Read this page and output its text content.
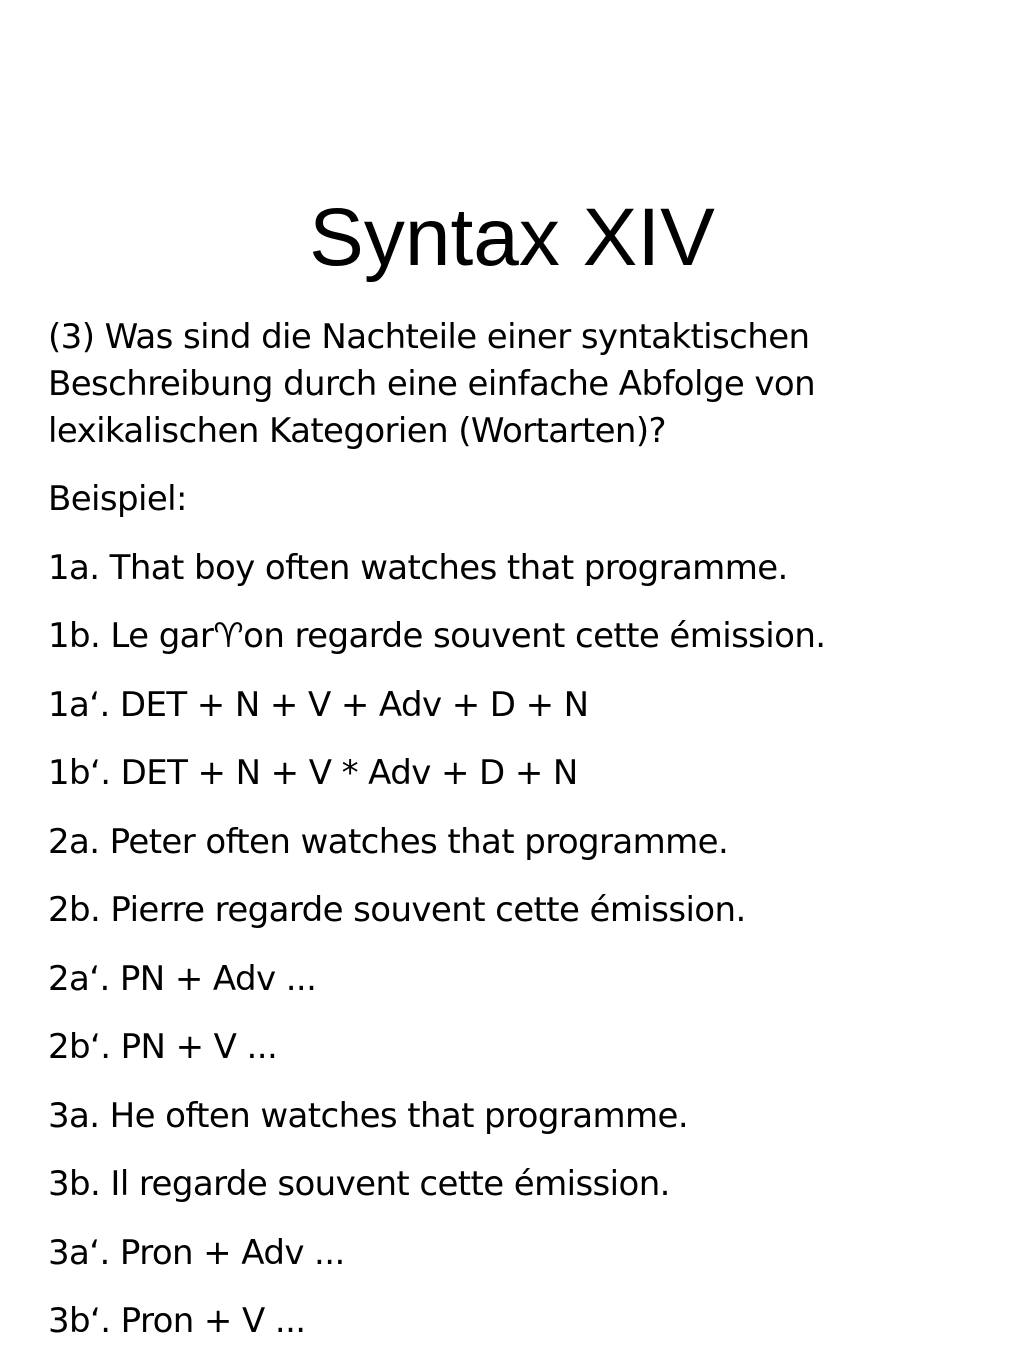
Syntax XIV

(3) Was sind die Nachteile einer syntaktischen Beschreibung durch eine einfache Abfolge von lexikalischen Kategorien (Wortarten)?

Beispiel:

1a. That boy often watches that programme.

1b. Le gar♈on regarde souvent cette émission.

1a‘. DET + N + V + Adv + D + N

1b‘. DET + N + V * Adv + D + N

2a. Peter often watches that programme.

2b. Pierre regarde souvent cette émission.

2a‘. PN + Adv ...

2b‘. PN + V ...

3a. He often watches that programme.

3b. Il regarde souvent cette émission.

3a‘. Pron + Adv ...

3b‘. Pron + V ...
